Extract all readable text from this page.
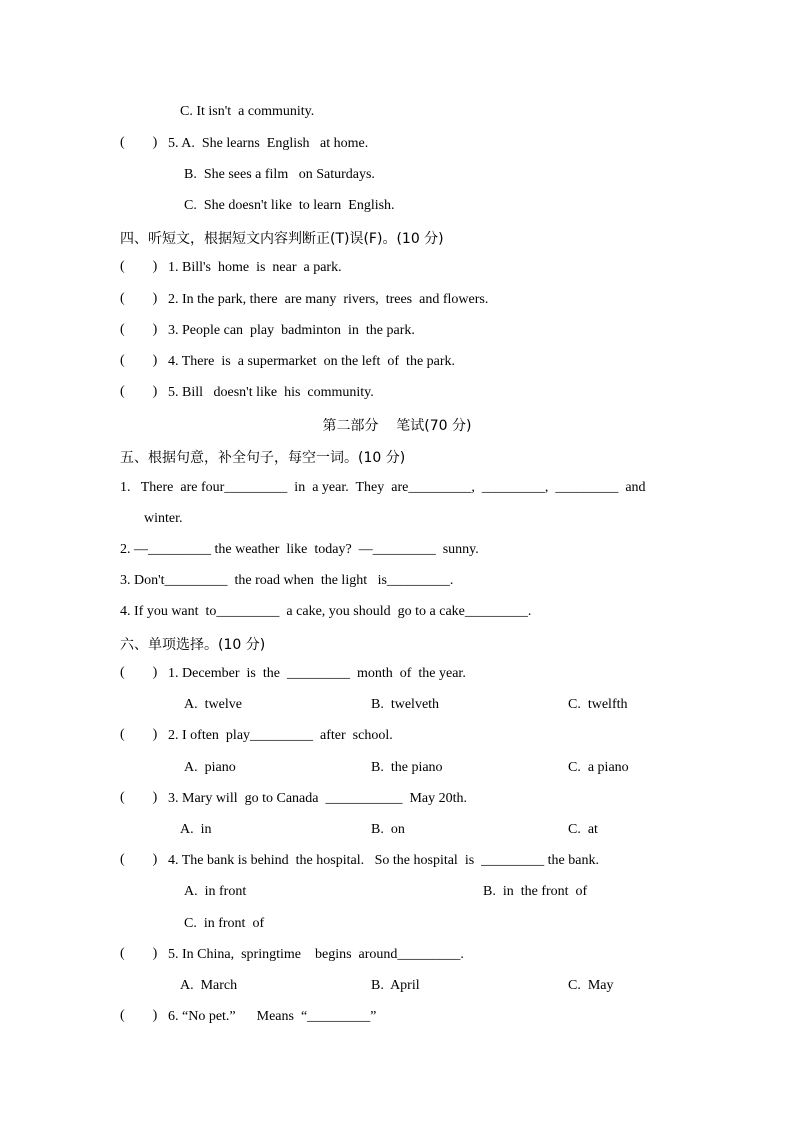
C. It isn't  a community.
(        ) 5. A.  She learns  English   at home.
B.  She sees a film   on Saturdays.
C.  She doesn't like  to learn  English.
四、听短文，根据短文内容判断正(T)误(F)。(10 分)
(        ) 1. Bill's  home  is  near  a park.
(        ) 2. In the park, there  are many  rivers,  trees  and flowers.
(        ) 3. People can  play  badminton  in  the park.
(        ) 4. There  is  a supermarket  on the left  of  the park.
(        ) 5. Bill   doesn't like  his  community.
第二部分    笔试(70 分)
五、根据句意，补全句子，每空一词。(10 分)
1.   There  are four_________  in  a year.  They  are_________,  _________,  _________  and
winter.
2. —_________ the weather  like  today?  —_________  sunny.
3. Don't_________  the road when  the light   is_________.
4. If you want  to_________  a cake, you should  go to a cake_________.
六、单项选择。(10 分)
(        ) 1. December  is  the  _________  month  of  the year.
A.  twelve	B.  twelveth	C.  twelfth
(        ) 2. I often  play_________  after  school.
A.  piano	B.  the piano	C.  a piano
(        ) 3. Mary will  go to Canada  ___________  May 20th.
A.  in	B.  on	C.  at
(        ) 4. The bank is behind  the hospital.   So the hospital  is  _________ the bank.
A.  in front	B.  in  the front  of
C.  in front  of
(        ) 5. In China,  springtime    begins  around_________.
A.  March	B.  April	C.  May
(        ) 6. “No pet.”      Means  “_________”
